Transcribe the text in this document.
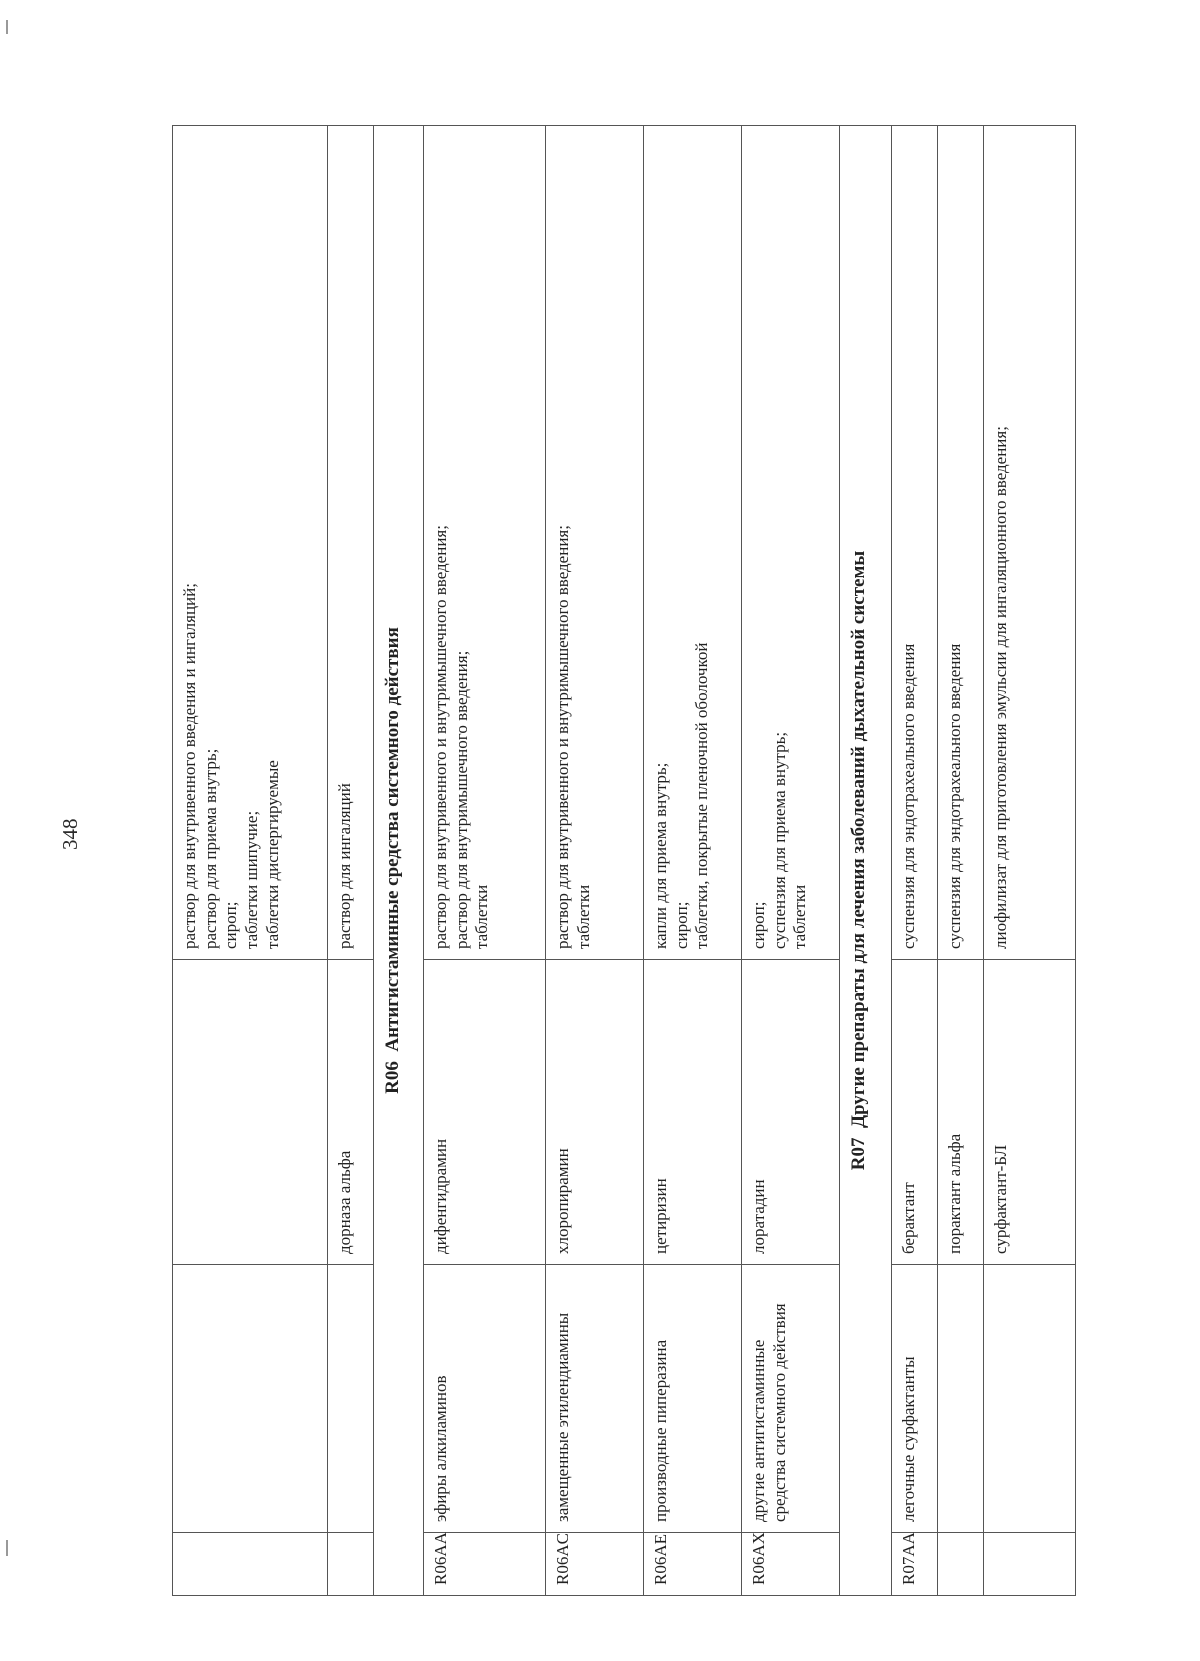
348

			раствор для внутривенного введения и ингаляций; раствор для приема внутрь; сироп; таблетки шипучие; таблетки диспергируемые

		дорназа альфа	раствор для ингаляций

R06  Антигистаминные средства системного действия			
R06AA	эфиры алкиламинов	дифенгидрамин	раствор для внутривенного и внутримышечного введения; раствор для внутримышечного введения; таблетки

R06AC	замещенные этилендиамины	хлоропирамин	раствор для внутривенного и внутримышечного введения; таблетки

R06AE	производные пиперазина	цетиризин	капли для приема внутрь; сироп; таблетки, покрытые пленочной оболочкой

R06AX	другие антигистаминные средства системного действия	лоратадин	сироп; суспензия для приема внутрь; таблетки

R07  Другие препараты для лечения заболеваний дыхательной системы			
R07AA	легочные сурфактанты	берактант	суспензия для эндотрахеального введения

		порактант альфа	суспензия для эндотрахеального введения

		сурфактант-БЛ	лиофилизат для приготовления эмульсии для ингаляционного введения;
